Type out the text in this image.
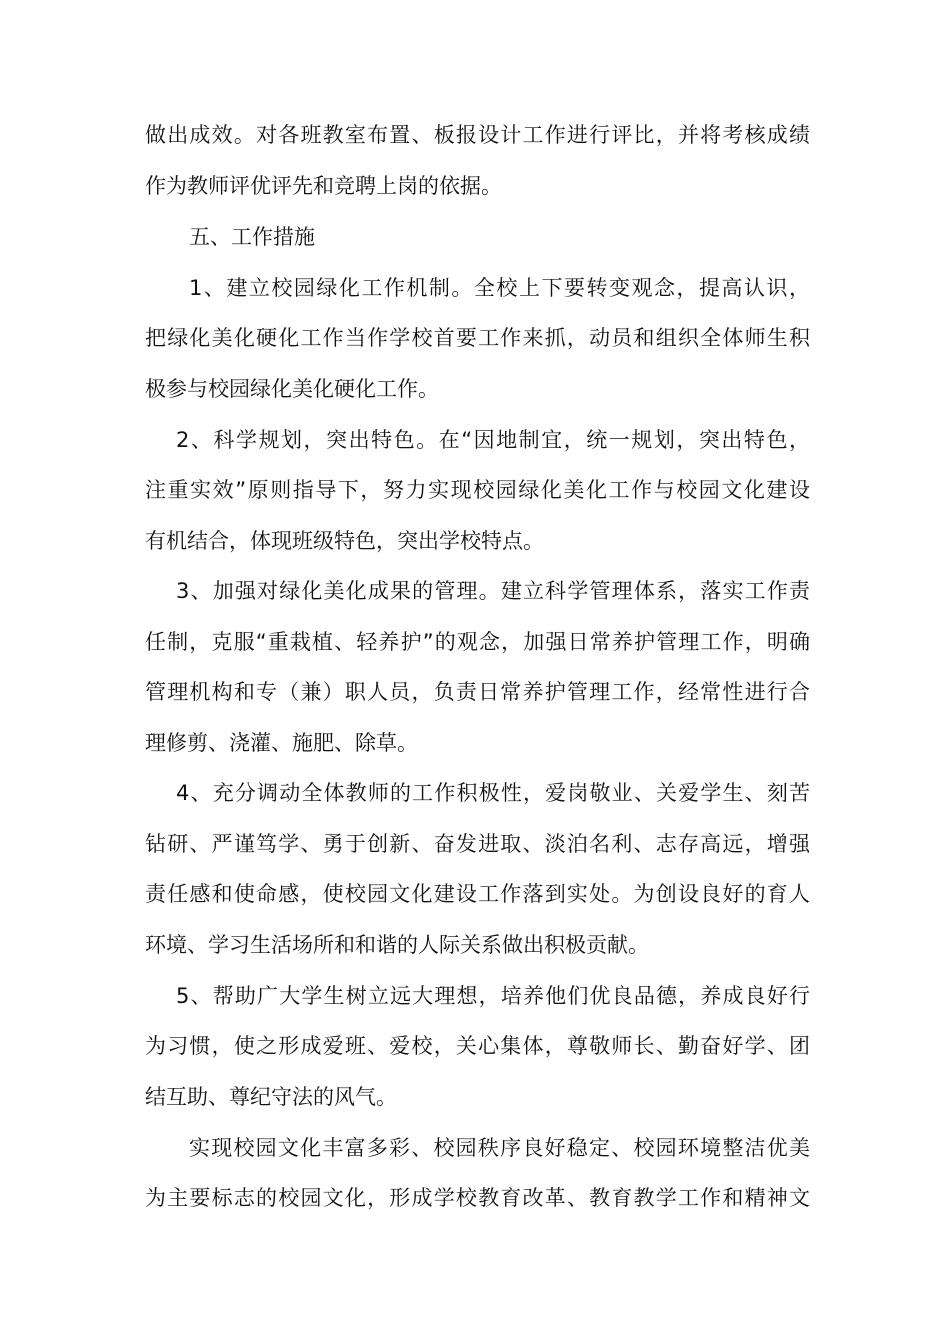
做出成效。对各班教室布置、板报设计工作进行评比，并将考核成绩
作为教师评优评先和竞聘上岗的依据。
五、工作措施
1、建立校园绿化工作机制。全校上下要转变观念，提高认识，
把绿化美化硬化工作当作学校首要工作来抓，动员和组织全体师生积
极参与校园绿化美化硬化工作。
2、科学规划，突出特色。在“因地制宜，统一规划，突出特色，
注重实效”原则指导下，努力实现校园绿化美化工作与校园文化建设
有机结合，体现班级特色，突出学校特点。
3、加强对绿化美化成果的管理。建立科学管理体系，落实工作责
任制，克服“重栽植、轻养护”的观念，加强日常养护管理工作，明确
管理机构和专（兼）职人员，负责日常养护管理工作，经常性进行合
理修剪、浇灌、施肥、除草。
4、充分调动全体教师的工作积极性，爱岗敬业、关爱学生、刻苦
钻研、严谨笃学、勇于创新、奋发进取、淡泊名利、志存高远，增强
责任感和使命感，使校园文化建设工作落到实处。为创设良好的育人
环境、学习生活场所和和谐的人际关系做出积极贡献。
5、帮助广大学生树立远大理想，培养他们优良品德，养成良好行
为习惯，使之形成爱班、爱校，关心集体，尊敬师长、勤奋好学、团
结互助、尊纪守法的风气。
实现校园文化丰富多彩、校园秩序良好稳定、校园环境整洁优美
为主要标志的校园文化，形成学校教育改革、教育教学工作和精神文
